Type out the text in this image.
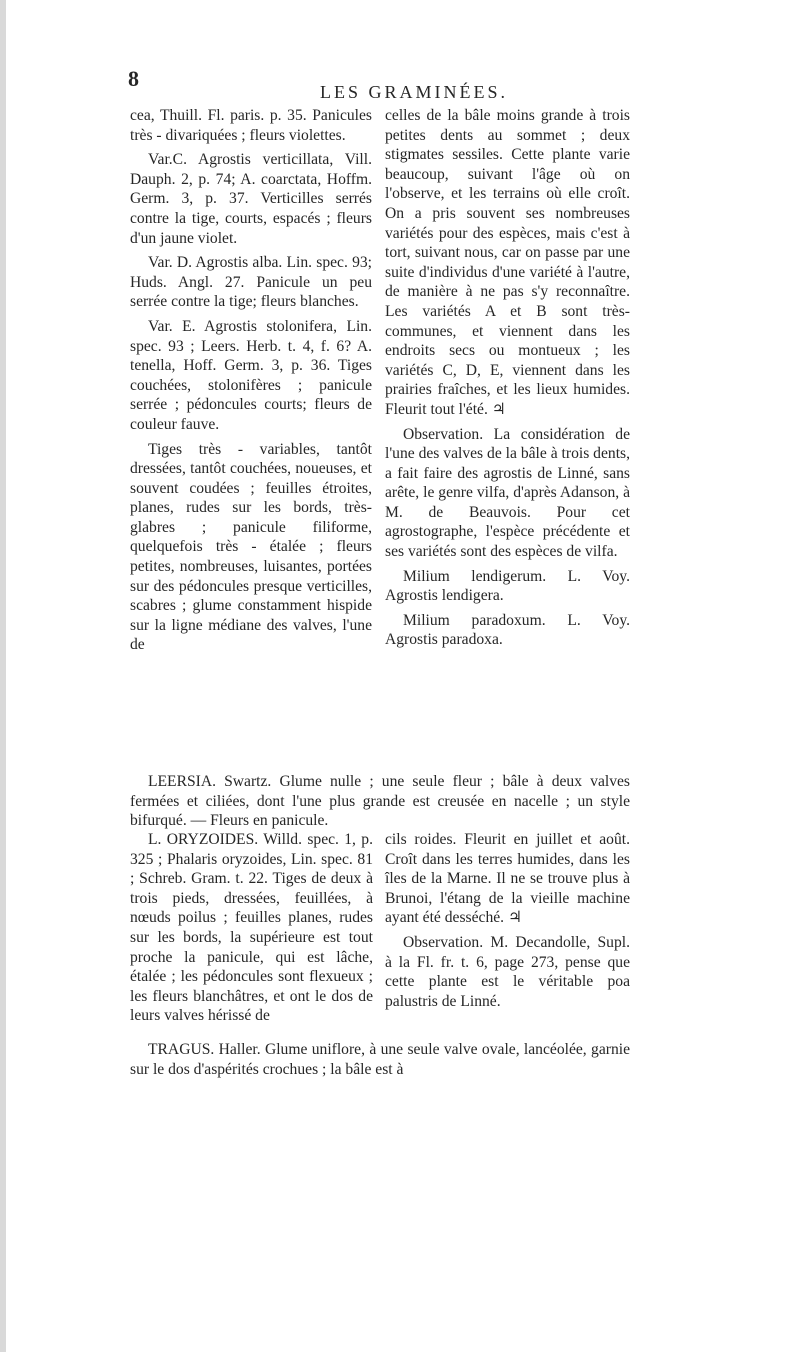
8
LES GRAMINÉES.

cea, Thuill. Fl. paris. p. 35. Panicules très - divariquées ; fleurs violettes.

Var.C. Agrostis verticillata, Vill. Dauph. 2, p. 74; A. coarctata, Hoffm. Germ. 3, p. 37. Verticilles serrés contre la tige, courts, espacés ; fleurs d'un jaune violet.

Var. D. Agrostis alba. Lin. spec. 93; Huds. Angl. 27. Panicule un peu serrée contre la tige; fleurs blanches.

Var. E. Agrostis stolonifera, Lin. spec. 93 ; Leers. Herb. t. 4, f. 6? A. tenella, Hoff. Germ. 3, p. 36. Tiges couchées, stolonifères ; panicule serrée ; pédoncules courts; fleurs de couleur fauve.

Tiges très - variables, tantôt dressées, tantôt couchées, noueuses, et souvent coudées ; feuilles étroites, planes, rudes sur les bords, très-glabres ; panicule filiforme, quelquefois très - étalée ; fleurs petites, nombreuses, luisantes, portées sur des pédoncules presque verticilles, scabres ; glume constamment hispide sur la ligne médiane des valves, l'une de

celles de la bâle moins grande à trois petites dents au sommet ; deux stigmates sessiles. Cette plante varie beaucoup, suivant l'âge où on l'observe, et les terrains où elle croît. On a pris souvent ses nombreuses variétés pour des espèces, mais c'est à tort, suivant nous, car on passe par une suite d'individus d'une variété à l'autre, de manière à ne pas s'y reconnaître. Les variétés A et B sont très-communes, et viennent dans les endroits secs ou montueux ; les variétés C, D, E, viennent dans les prairies fraîches, et les lieux humides. Fleurit tout l'été. ♃

Observation. La considération de l'une des valves de la bâle à trois dents, a fait faire des agrostis de Linné, sans arête, le genre vilfa, d'après Adanson, à M. de Beauvois. Pour cet agrostographe, l'espèce précédente et ses variétés sont des espèces de vilfa.

Milium lendigerum. L. Voy. Agrostis lendigera.

Milium paradoxum. L. Voy. Agrostis paradoxa.

LEERSIA. Swartz. Glume nulle ; une seule fleur ; bâle à deux valves fermées et ciliées, dont l'une plus grande est creusée en nacelle ; un style bifurqué. — Fleurs en panicule.

L. ORYZOIDES. Willd. spec. 1, p. 325 ; Phalaris oryzoides, Lin. spec. 81 ; Schreb. Gram. t. 22. Tiges de deux à trois pieds, dressées, feuillées, à nœuds poilus ; feuilles planes, rudes sur les bords, la supérieure est tout proche la panicule, qui est lâche, étalée ; les pédoncules sont flexueux ; les fleurs blanchâtres, et ont le dos de leurs valves hérissé de

cils roides. Fleurit en juillet et août. Croît dans les terres humides, dans les îles de la Marne. Il ne se trouve plus à Brunoi, l'étang de la vieille machine ayant été desséché. ♃

Observation. M. Decandolle, Supl. à la Fl. fr. t. 6, page 273, pense que cette plante est le véritable poa palustris de Linné.

TRAGUS. Haller. Glume uniflore, à une seule valve ovale, lancéolée, garnie sur le dos d'aspérités crochues ; la bâle est à
